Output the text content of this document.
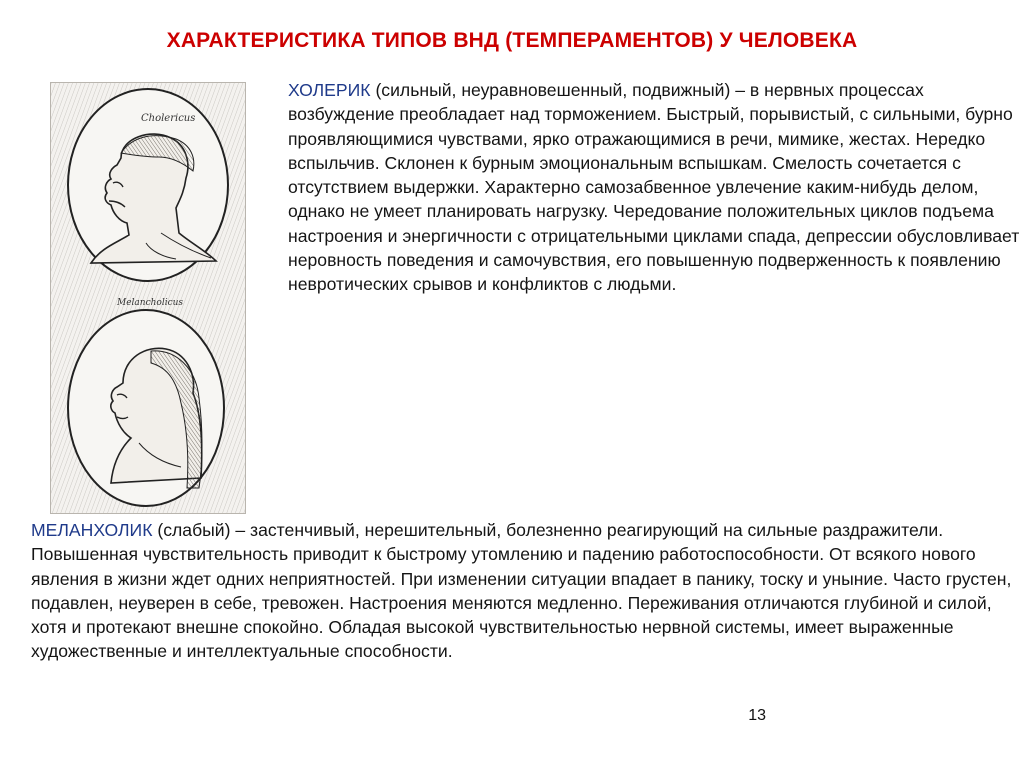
ХАРАКТЕРИСТИКА ТИПОВ ВНД (ТЕМПЕРАМЕНТОВ) У ЧЕЛОВЕКА
Cholericus
Melancholicus

ХОЛЕРИК (сильный, неуравновешенный, подвижный) – в нервных процессах возбуждение преобладает над торможением. Быстрый, порывистый, с сильными, бурно проявляющимися чувствами, ярко отражающимися в речи, мимике, жестах. Нередко вспыльчив. Склонен к бурным эмоциональным вспышкам. Смелость сочетается с отсутствием выдержки. Характерно самозабвенное увлечение каким-нибудь делом, однако не умеет планировать нагрузку. Чередование положительных циклов подъема настроения и энергичности с отрицательными циклами спада, депрессии обусловливает неровность поведения и самочувствия, его повышенную подверженность к появлению невротических срывов и конфликтов с людьми.

МЕЛАНХОЛИК (слабый) – застенчивый, нерешительный, болезненно реагирующий на сильные раздражители. Повышенная чувствительность приводит к быстрому утомлению и падению работоспособности. От всякого нового явления в жизни ждет одних неприятностей. При изменении ситуации впадает в панику, тоску и уныние. Часто грустен, подавлен, неуверен в себе, тревожен. Настроения меняются медленно. Переживания отличаются глубиной и силой, хотя и протекают внешне спокойно. Обладая высокой чувствительностью нервной системы, имеет выраженные художественные и интеллектуальные способности.

13
